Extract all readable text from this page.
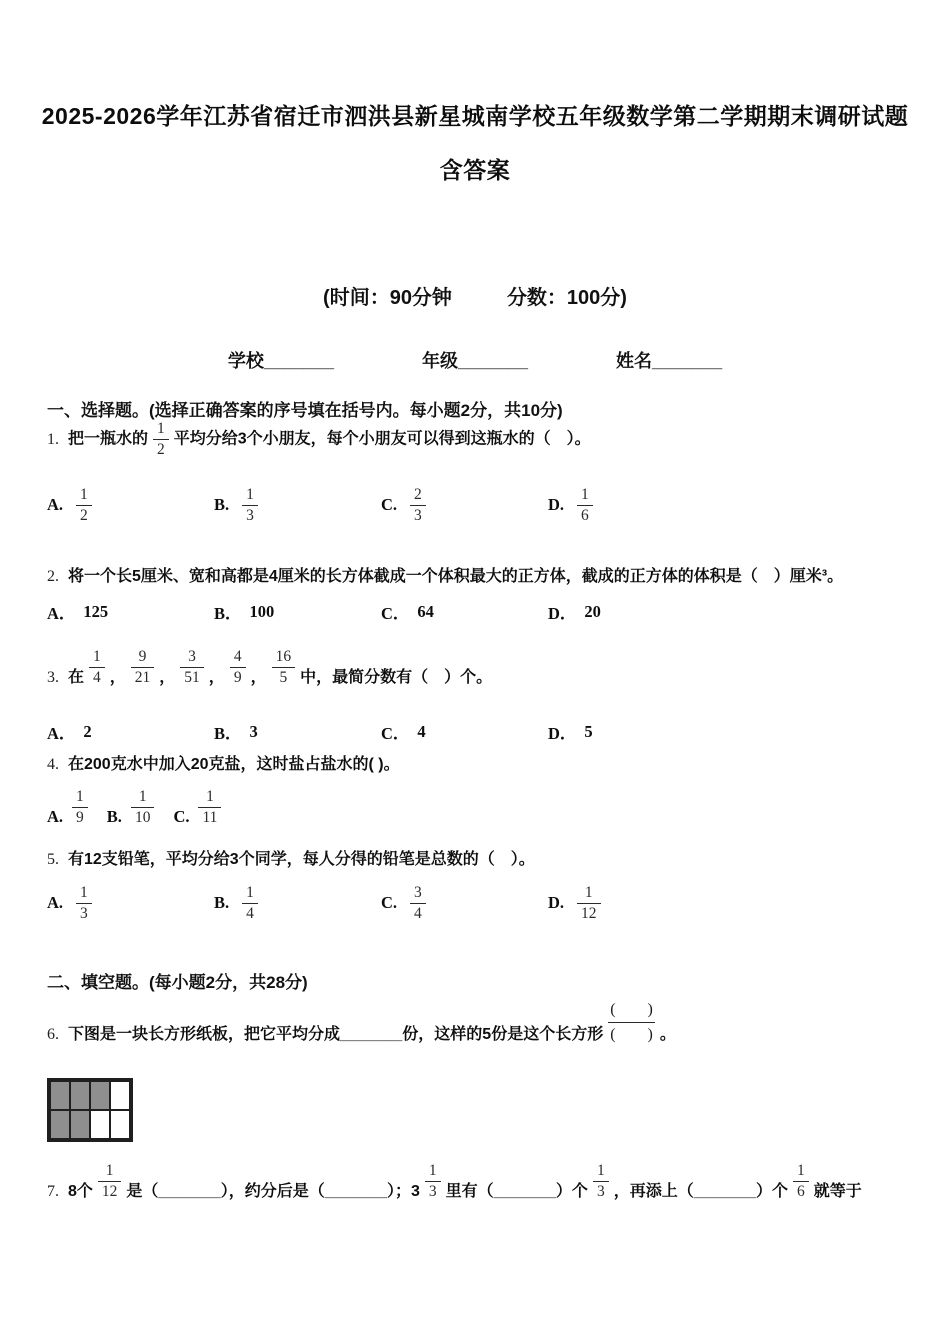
2025-2026学年江苏省宿迁市泗洪县新星城南学校五年级数学第二学期期末调研试题
含答案
(时间：90分钟	分数：100分)
学校_______	年级_______	姓名_______
一、选择题。(选择正确答案的序号填在括号内。每小题2分，共10分)
1. 把一瓶水的 $\frac{1}{2}$ 平均分给3个小朋友，每个小朋友可以得到这瓶水的（　）。
A. $\frac{1}{2}$	B. $\frac{1}{3}$	C. $\frac{2}{3}$	D. $\frac{1}{6}$
2. 将一个长5厘米、宽和高都是4厘米的长方体截成一个体积最大的正方体，截成的正方体的体积是（　）厘米³。
A． 125	B． 100	C． 64	D． 20
3. 在 $\frac{1}{4}$ ， $\frac{9}{21}$ ， $\frac{3}{51}$ ， $\frac{4}{9}$ ， $\frac{16}{5}$ 中，最简分数有（　）个。
A． 2	B． 3	C． 4	D． 5
4. 在200克水中加入20克盐，这时盐占盐水的( )。
A. $\frac{1}{9} B$. $\frac{1}{10} C$. $\frac{1}{11}$
5. 有12支铅笔，平均分给3个同学，每人分得的铅笔是总数的（　）。
A. $\frac{1}{3}$	B. $\frac{1}{4}$	C. $\frac{3}{4}$	D. $\frac{1}{12}$
二、填空题。(每小题2分，共28分)
6. 下图是一块长方形纸板，把它平均分成_______份，这样的5份是这个长方形
(　　)
(　　) 。
7. 8个 $\frac{1}{12}$ 是（_______），约分后是（_______）；$3 \frac{1}{3}$ 里有（_______）个 $\frac{1}{3}$ ，再添上（_______）个 $\frac{1}{6}$ 就等于
